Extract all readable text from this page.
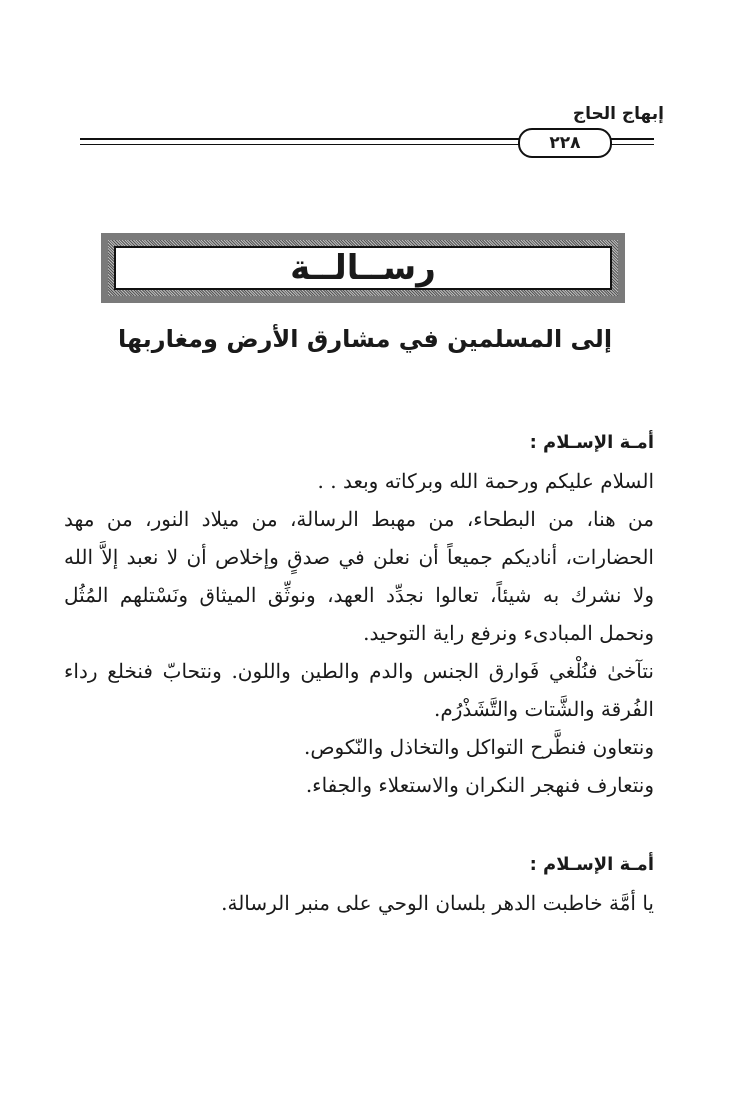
إبهاج الحاج
٢٢٨
رســالــة
إلى المسلمين في مشارق الأرض ومغاربها

أمـة الإسـلام :

السلام عليكم ورحمة الله وبركاته وبعد . .

من هنا، من البطحاء، من مهبط الرسالة، من ميلاد النور، من مهد الحضارات، أناديكم جميعاً أن نعلن في صدقٍ وإخلاص أن لا نعبد إلاَّ الله ولا نشرك به شيئاً، تعالوا نجدِّد العهد، ونوثِّق الميثاق ونَسْتلهم المُثُل ونحمل المبادىء ونرفع راية التوحيد.

نتآخىٰ فنُلْغي فَوارق الجنس والدم والطين واللون. ونتحابّ فنخلع رداء الفُرقة والشَّتات والتَّشَذْرُم.

ونتعاون فنطَّرح التواكل والتخاذل والنّكوص.

ونتعارف فنهجر النكران والاستعلاء والجفاء.

أمـة الإسـلام :

يا أمَّة خاطبت الدهر بلسان الوحي على منبر الرسالة.
